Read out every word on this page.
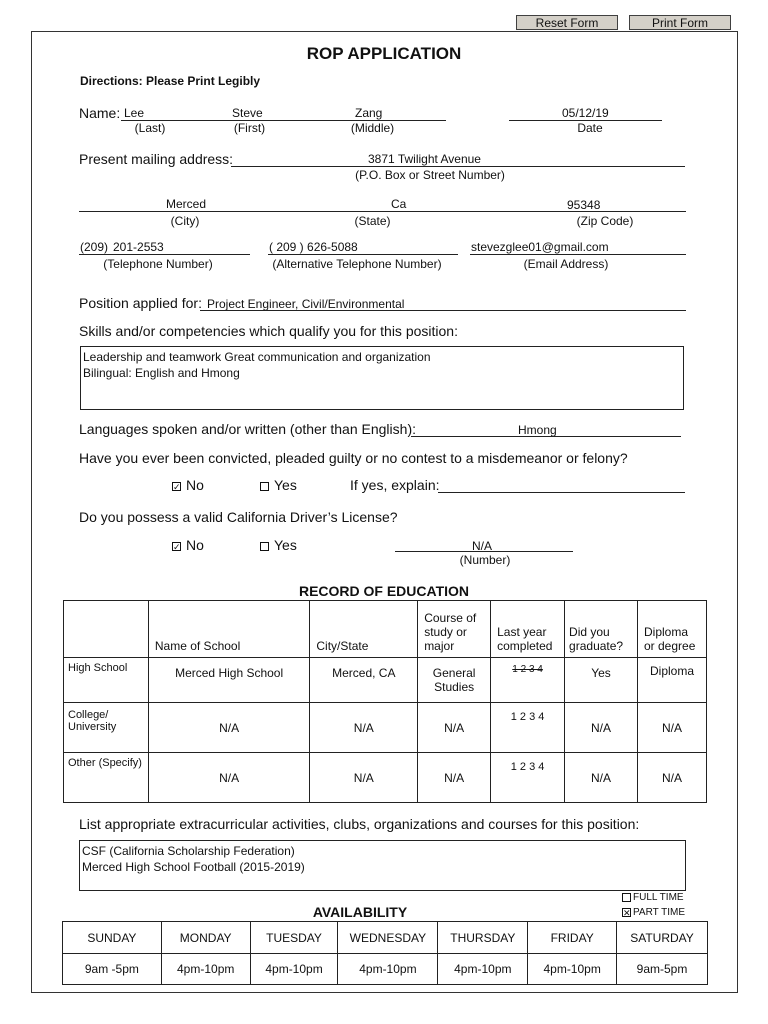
Reset Form	Print Form
ROP APPLICATION
Directions: Please Print Legibly
Name: Lee	Steve	Zang	05/12/19
(Last)	(First)	(Middle)	Date
Present mailing address:	3871 Twilight Avenue
(P.O. Box or Street Number)
Merced	Ca	95348
(City)	(State)	(Zip Code)
(209) 201-2553	( 209 ) 626-5088	stevezglee01@gmail.com
(Telephone Number)	(Alternative Telephone Number)	(Email Address)
Position applied for: Project Engineer, Civil/Environmental
Skills and/or competencies which qualify you for this position:
Leadership and teamwork Great communication and organization
Bilingual: English and Hmong
Languages spoken and/or written (other than English):	Hmong
Have you ever been convicted, pleaded guilty or no contest to a misdemeanor or felony?
✓ No	Yes	If yes, explain:
Do you possess a valid California Driver’s License?
✓ No	Yes	N/A
(Number)
RECORD OF EDUCATION
	Name of School	City/State	Course of study or major	Last year completed	Did you graduate?	Diploma or degree
High School	Merced High School	Merced, CA	General Studies	1 2 3 4	Yes	Diploma
College/ University	N/A	N/A	N/A	1 2 3 4	N/A	N/A
Other (Specify)	N/A	N/A	N/A	1 2 3 4	N/A	N/A
List appropriate extracurricular activities, clubs, organizations and courses for this position:
CSF (California Scholarship Federation)
Merced High School Football (2015-2019)
FULL TIME
✕ PART TIME
AVAILABILITY
SUNDAY	MONDAY	TUESDAY	WEDNESDAY	THURSDAY	FRIDAY	SATURDAY
9am -5pm	4pm-10pm	4pm-10pm	4pm-10pm	4pm-10pm	4pm-10pm	9am-5pm
